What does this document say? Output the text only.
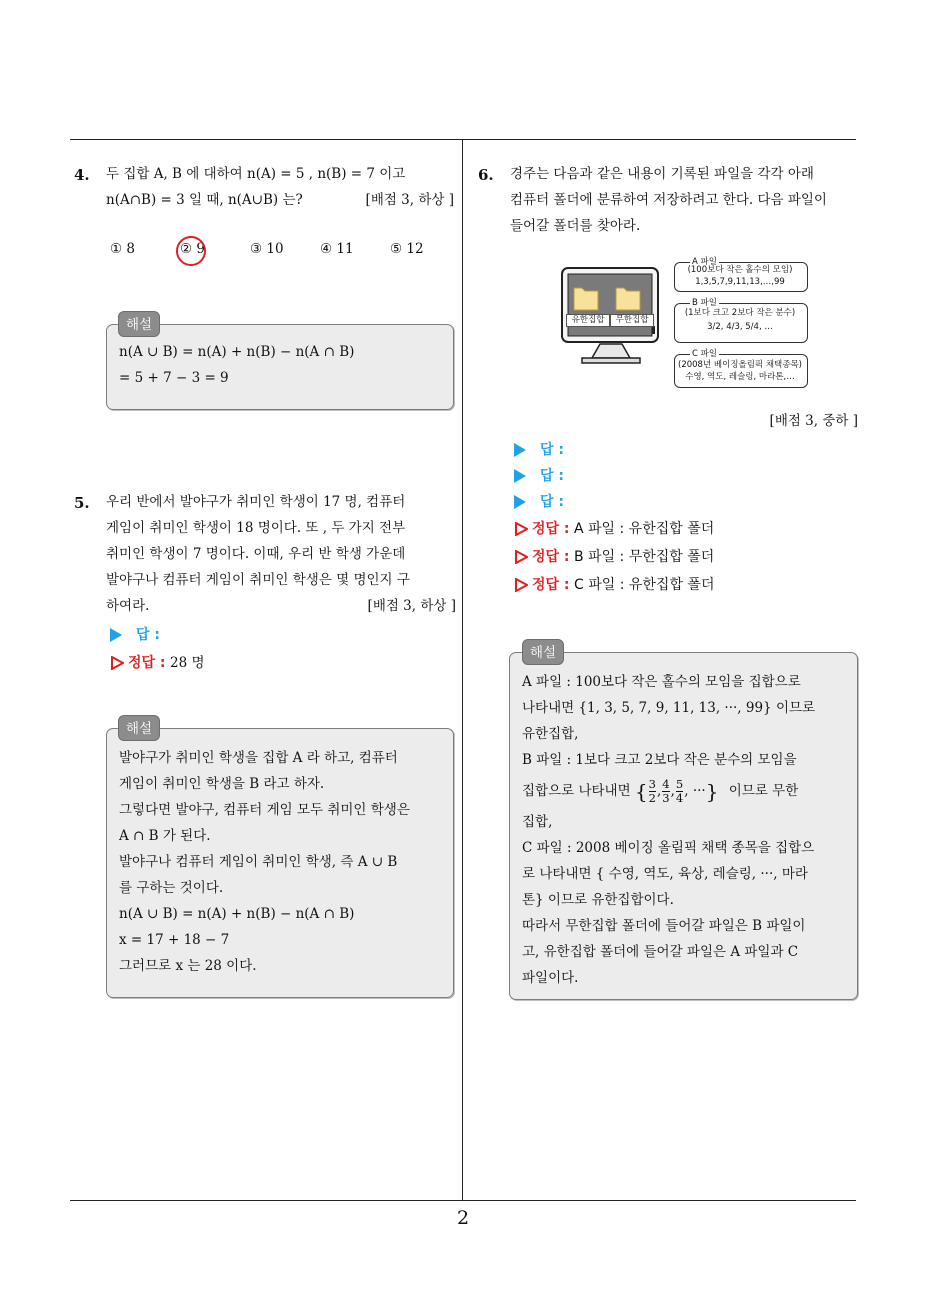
4. 두 집합 A, B 에 대하여 n(A) = 5 , n(B) = 7 이고
n(A∩B) = 3 일 때, n(A∪B) 는?	[배점 3, 하상 ]
① 8	② 9	③ 10	④ 11	⑤ 12
n(A ∪ B) = n(A) + n(B) − n(A ∩ B)
= 5 + 7 − 3 = 9
해설
5. 우리 반에서 발야구가 취미인 학생이 17 명, 컴퓨터
게임이 취미인 학생이 18 명이다. 또 , 두 가지 전부
취미인 학생이 7 명이다. 이때, 우리 반 학생 가운데
발야구나 컴퓨터 게임이 취미인 학생은 몇 명인지 구
하여라.	[배점 3, 하상 ]
답 :
정답 : 28 명
발야구가 취미인 학생을 집합 A 라 하고, 컴퓨터
게임이 취미인 학생을 B 라고 하자.
그렇다면 발야구, 컴퓨터 게임 모두 취미인 학생은
A ∩ B 가 된다.
발야구나 컴퓨터 게임이 취미인 학생, 즉 A ∪ B
를 구하는 것이다.
n(A ∪ B) = n(A) + n(B) − n(A ∩ B)
x = 17 + 18 − 7
그러므로 x 는 28 이다.
해설
6. 경주는 다음과 같은 내용이 기록된 파일을 각각 아래
컴퓨터 폴더에 분류하여 저장하려고 한다. 다음 파일이
들어갈 폴더를 찾아라.
유한집합	무한집합
A 파일
(100보다 작은 홀수의 모임)
1,3,5,7,9,11,13,…,99
B 파일
(1보다 크고 2보다 작은 분수)
3/2, 4/3, 5/4, …
C 파일
(2008년 베이징올림픽 채택종목)
수영, 역도, 레슬링, 마라톤,…
[배점 3, 중하 ]
답 :
답 :
답 :
정답 : A 파일 : 유한집합 폴더
정답 : B 파일 : 무한집합 폴더
정답 : C 파일 : 유한집합 폴더
A 파일 : 100보다 작은 홀수의 모임을 집합으로
나타내면 {1, 3, 5, 7, 9, 11, 13, ···, 99} 이므로
유한집합,
B 파일 : 1보다 크고 2보다 작은 분수의 모임을
집합으로 나타내면 { $\frac{3}{2}$ , $\frac{4}{3}$ , $\frac{5}{4}$ , ···} 이므로 무한
집합,
C 파일 : 2008 베이징 올림픽 채택 종목을 집합으
로 나타내면 { 수영, 역도, 육상, 레슬링, ···, 마라
톤} 이므로 유한집합이다.
따라서 무한집합 폴더에 들어갈 파일은 B 파일이
고, 유한집합 폴더에 들어갈 파일은 A 파일과 C
파일이다.
해설
2
